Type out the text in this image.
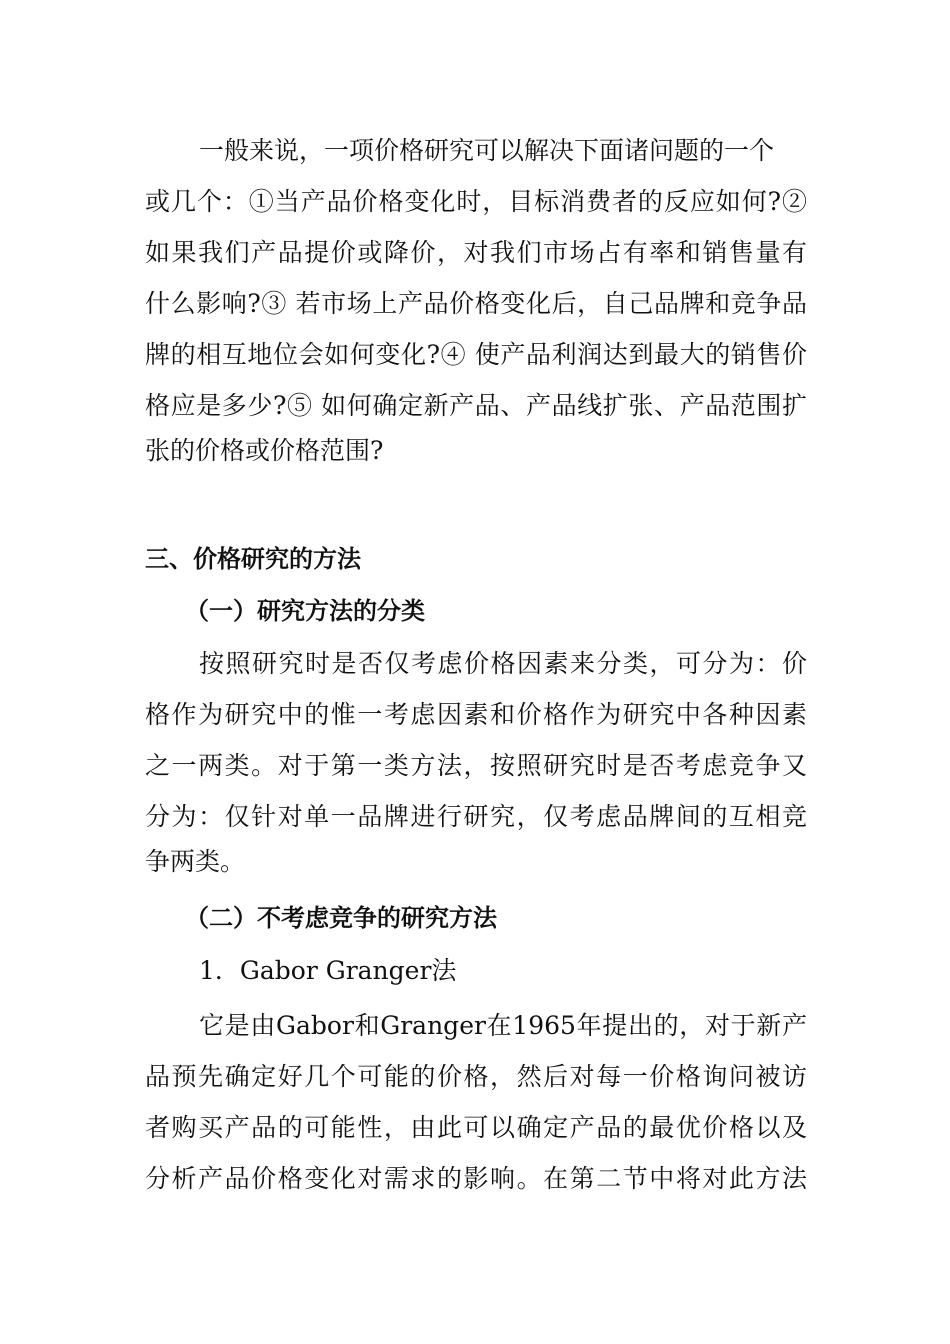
一般来说，一项价格研究可以解决下面诸问题的一个
或几个：①当产品价格变化时，目标消费者的反应如何?②
如果我们产品提价或降价，对我们市场占有率和销售量有
什么影响?③ 若市场上产品价格变化后，自己品牌和竞争品
牌的相互地位会如何变化?④ 使产品利润达到最大的销售价
格应是多少?⑤ 如何确定新产品、产品线扩张、产品范围扩
张的价格或价格范围?
三、价格研究的方法
（一）研究方法的分类
按照研究时是否仅考虑价格因素来分类，可分为：价
格作为研究中的惟一考虑因素和价格作为研究中各种因素
之一两类。对于第一类方法，按照研究时是否考虑竞争又
分为：仅针对单一品牌进行研究，仅考虑品牌间的互相竞
争两类。
（二）不考虑竞争的研究方法
1．Gabor Granger法
它是由Gabor和Granger在1965年提出的，对于新产
品预先确定好几个可能的价格，然后对每一价格询问被访
者购买产品的可能性，由此可以确定产品的最优价格以及
分析产品价格变化对需求的影响。在第二节中将对此方法
